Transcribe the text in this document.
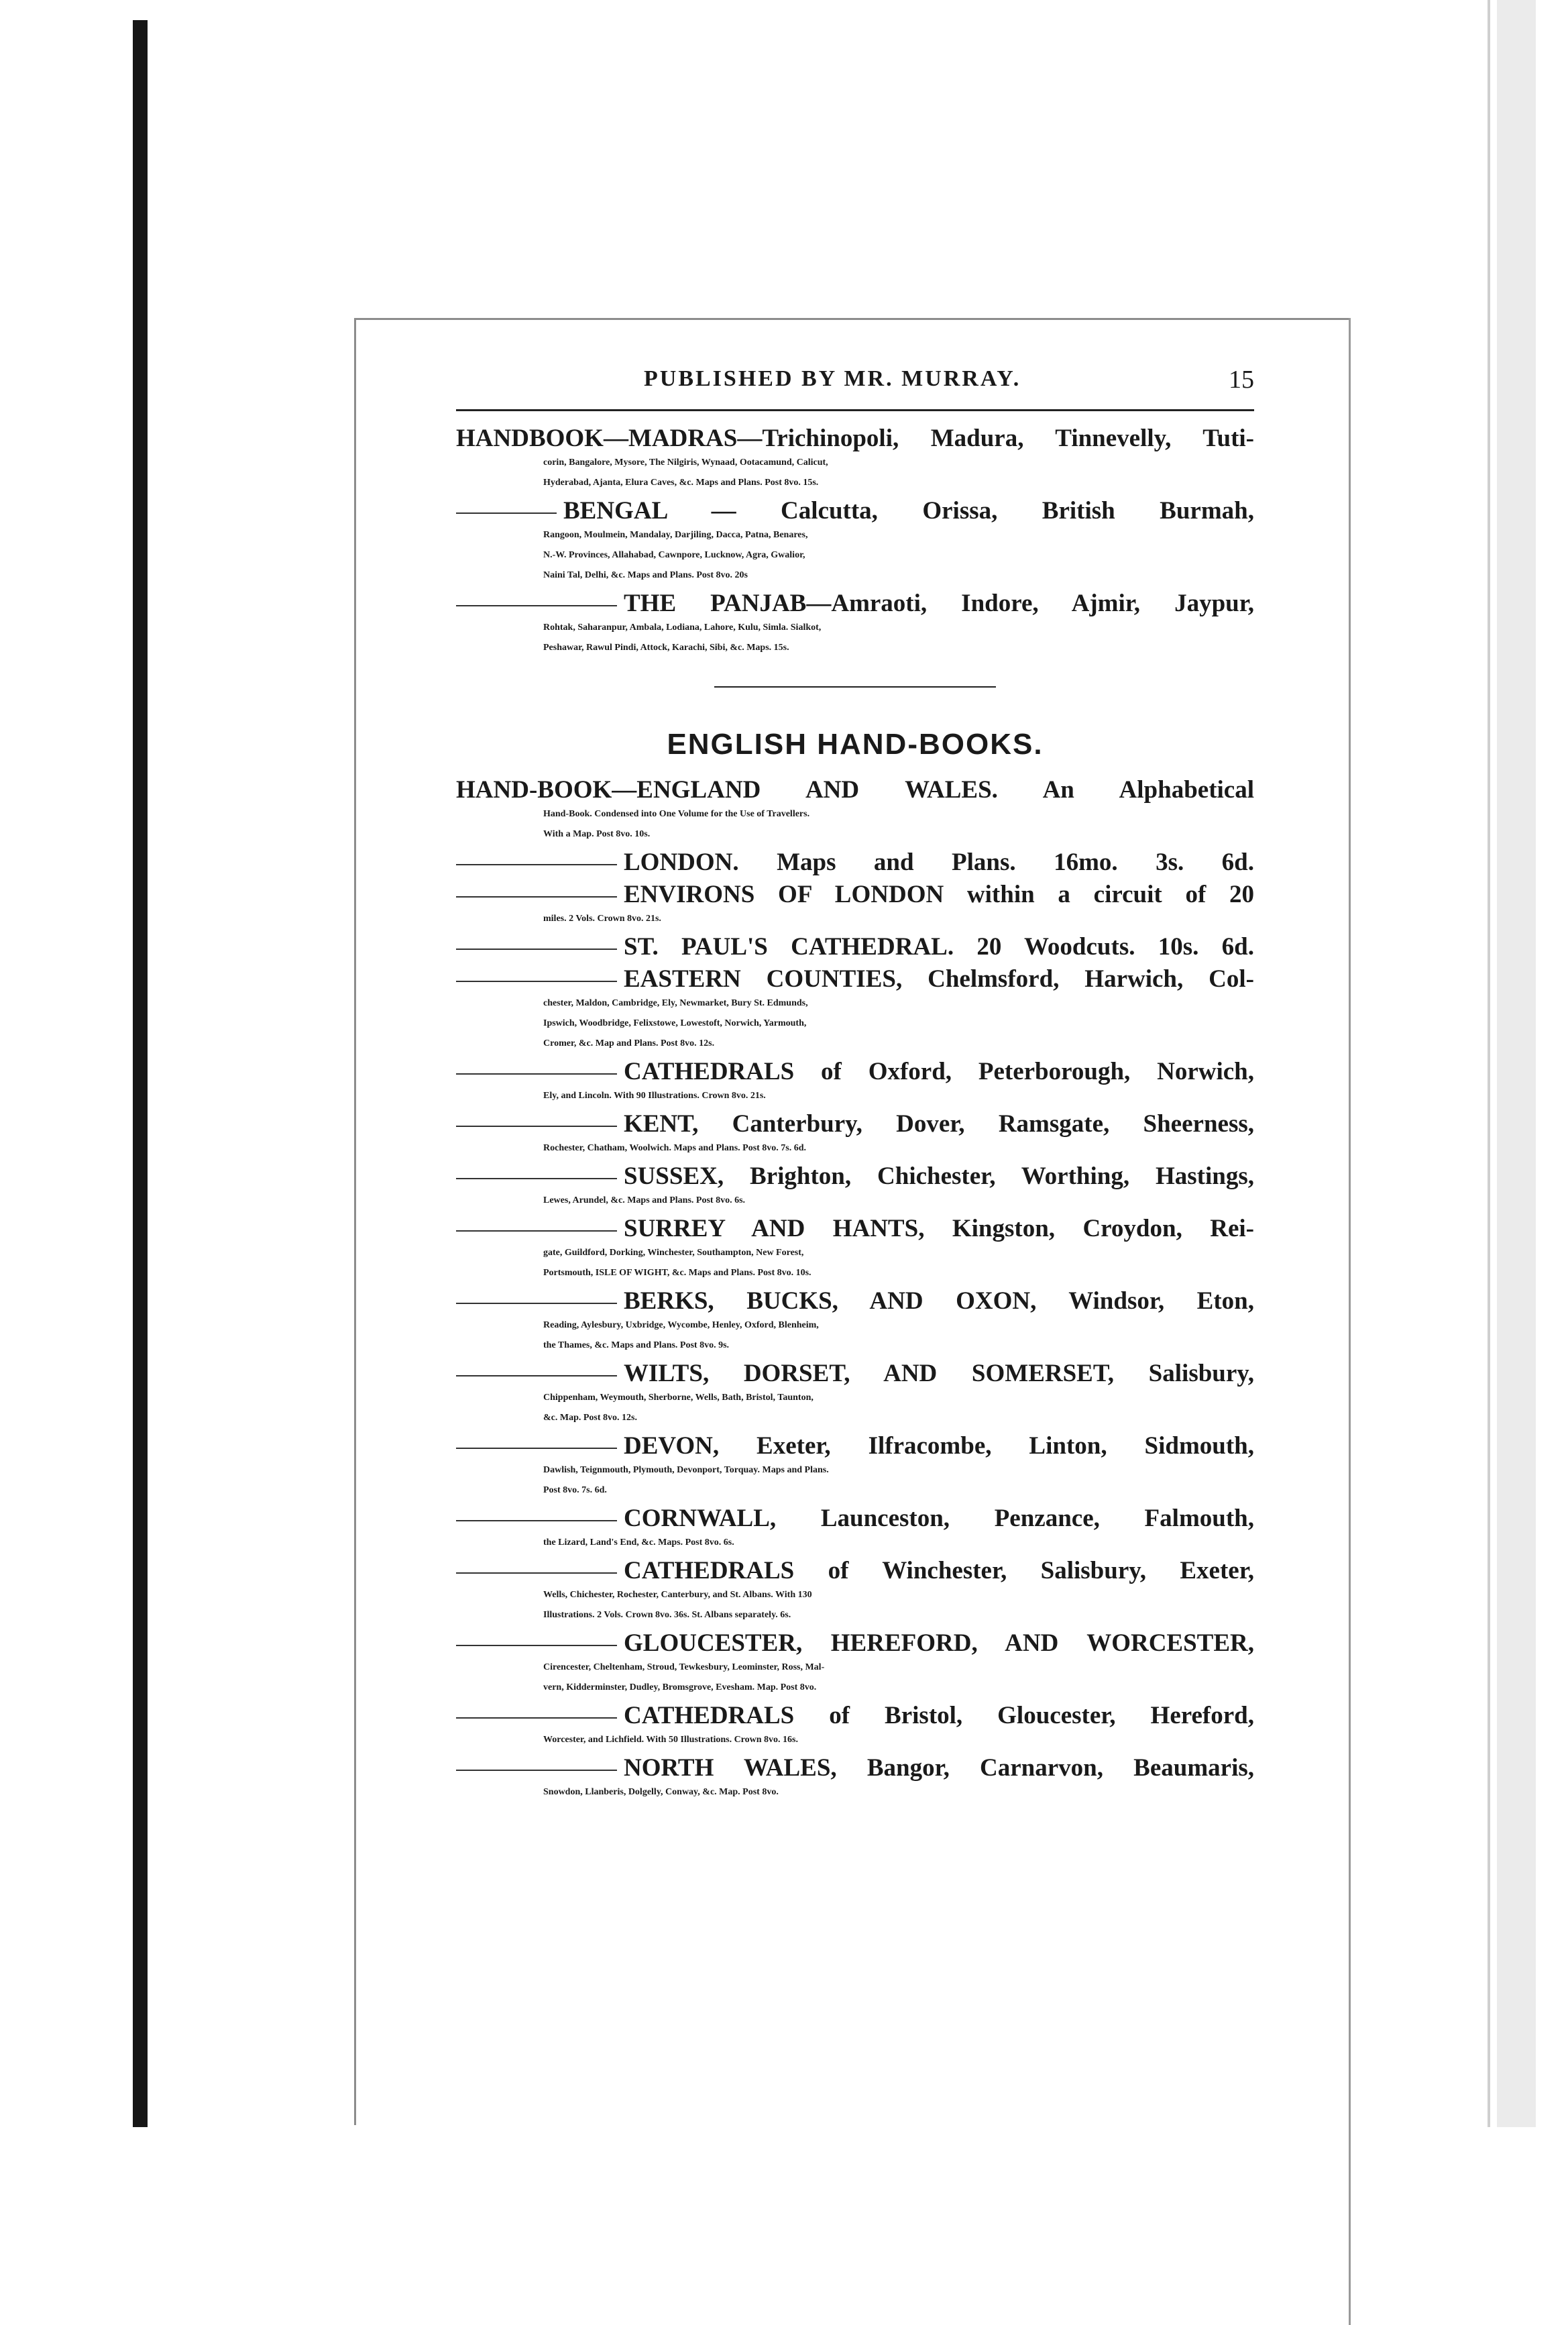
PUBLISHED BY MR. MURRAY.	15
HANDBOOK—MADRAS—Trichinopoli, Madura, Tinnevelly, Tuti-
corin, Bangalore, Mysore, The Nilgiris, Wynaad, Ootacamund, Calicut,
Hyderabad, Ajanta, Elura Caves, &c. Maps and Plans. Post 8vo. 15s.
BENGAL — Calcutta, Orissa, British Burmah,
Rangoon, Moulmein, Mandalay, Darjiling, Dacca, Patna, Benares,
N.-W. Provinces, Allahabad, Cawnpore, Lucknow, Agra, Gwalior,
Naini Tal, Delhi, &c. Maps and Plans. Post 8vo. 20s
THE PANJAB—Amraoti, Indore, Ajmir, Jaypur,
Rohtak, Saharanpur, Ambala, Lodiana, Lahore, Kulu, Simla. Sialkot,
Peshawar, Rawul Pindi, Attock, Karachi, Sibi, &c. Maps. 15s.
ENGLISH HAND-BOOKS.
HAND-BOOK—ENGLAND AND WALES. An Alphabetical
Hand-Book. Condensed into One Volume for the Use of Travellers.
With a Map. Post 8vo. 10s.
LONDON. Maps and Plans. 16mo. 3s. 6d.
ENVIRONS OF LONDON within a circuit of 20
miles. 2 Vols. Crown 8vo. 21s.
ST. PAUL'S CATHEDRAL. 20 Woodcuts. 10s. 6d.
EASTERN COUNTIES, Chelmsford, Harwich, Col-
chester, Maldon, Cambridge, Ely, Newmarket, Bury St. Edmunds,
Ipswich, Woodbridge, Felixstowe, Lowestoft, Norwich, Yarmouth,
Cromer, &c. Map and Plans. Post 8vo. 12s.
CATHEDRALS of Oxford, Peterborough, Norwich,
Ely, and Lincoln. With 90 Illustrations. Crown 8vo. 21s.
KENT, Canterbury, Dover, Ramsgate, Sheerness,
Rochester, Chatham, Woolwich. Maps and Plans. Post 8vo. 7s. 6d.
SUSSEX, Brighton, Chichester, Worthing, Hastings,
Lewes, Arundel, &c. Maps and Plans. Post 8vo. 6s.
SURREY AND HANTS, Kingston, Croydon, Rei-
gate, Guildford, Dorking, Winchester, Southampton, New Forest,
Portsmouth, ISLE OF WIGHT, &c. Maps and Plans. Post 8vo. 10s.
BERKS, BUCKS, AND OXON, Windsor, Eton,
Reading, Aylesbury, Uxbridge, Wycombe, Henley, Oxford, Blenheim,
the Thames, &c. Maps and Plans. Post 8vo. 9s.
WILTS, DORSET, AND SOMERSET, Salisbury,
Chippenham, Weymouth, Sherborne, Wells, Bath, Bristol, Taunton,
&c. Map. Post 8vo. 12s.
DEVON, Exeter, Ilfracombe, Linton, Sidmouth,
Dawlish, Teignmouth, Plymouth, Devonport, Torquay. Maps and Plans.
Post 8vo. 7s. 6d.
CORNWALL, Launceston, Penzance, Falmouth,
the Lizard, Land's End, &c. Maps. Post 8vo. 6s.
CATHEDRALS of Winchester, Salisbury, Exeter,
Wells, Chichester, Rochester, Canterbury, and St. Albans. With 130
Illustrations. 2 Vols. Crown 8vo. 36s. St. Albans separately. 6s.
GLOUCESTER, HEREFORD, AND WORCESTER,
Cirencester, Cheltenham, Stroud, Tewkesbury, Leominster, Ross, Mal-
vern, Kidderminster, Dudley, Bromsgrove, Evesham. Map. Post 8vo.
CATHEDRALS of Bristol, Gloucester, Hereford,
Worcester, and Lichfield. With 50 Illustrations. Crown 8vo. 16s.
NORTH WALES, Bangor, Carnarvon, Beaumaris,
Snowdon, Llanberis, Dolgelly, Conway, &c. Map. Post 8vo.
